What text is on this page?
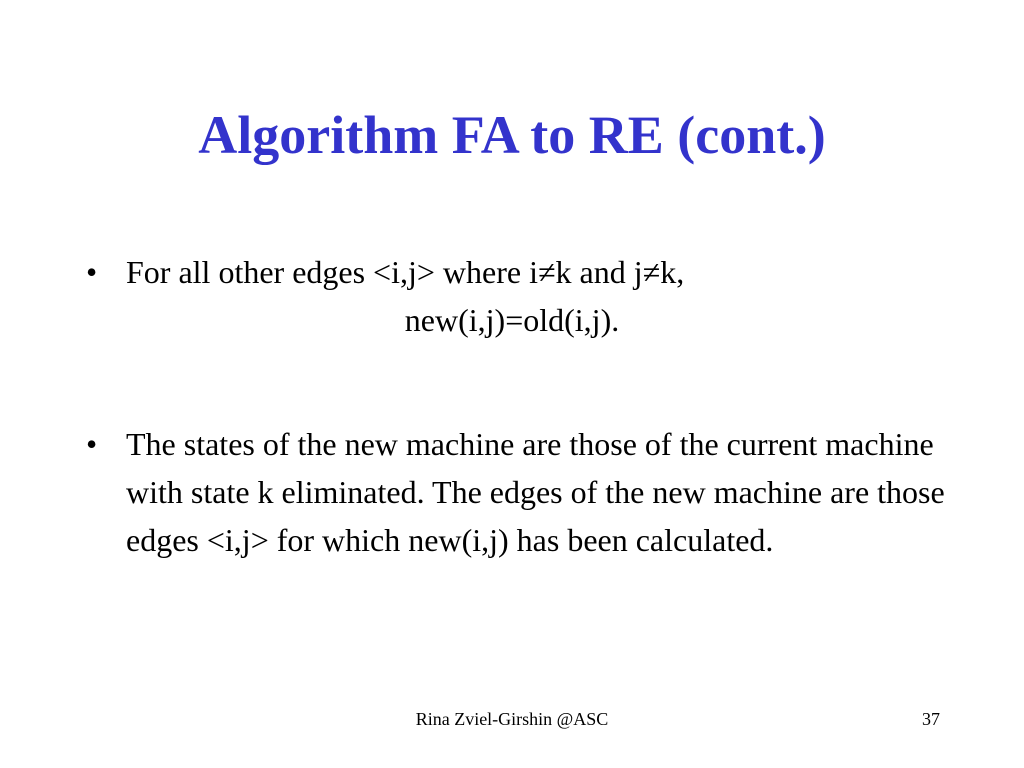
Algorithm FA to RE (cont.)
• For all other edges <i,j> where i≠k and j≠k,

new(i,j)=old(i,j).
• The states of the new machine are those of the current machine with state k eliminated. The edges of the new machine are those edges <i,j> for which new(i,j) has been calculated.

Rina Zviel-Girshin @ASC	37
